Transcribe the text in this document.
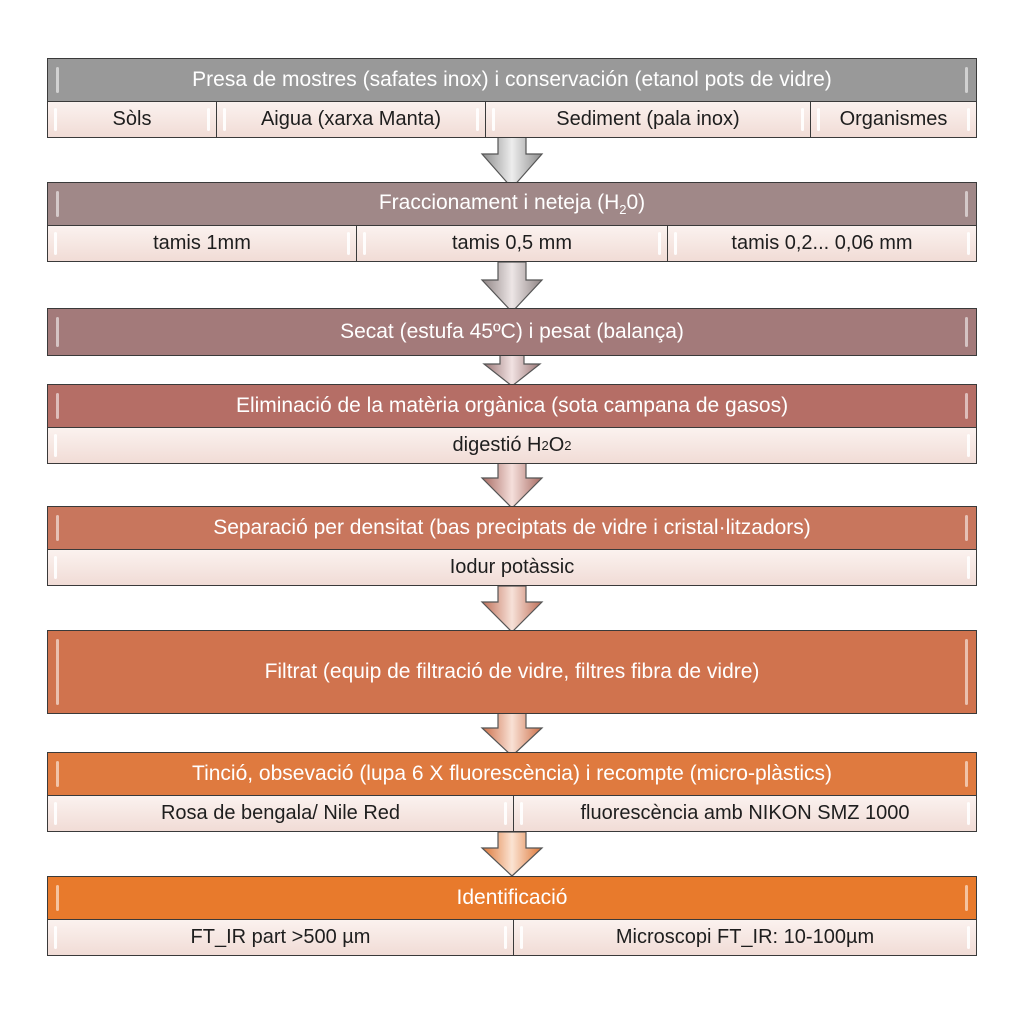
Presa de mostres (safates inox) i conservación (etanol pots de vidre)
Sòls	Aigua (xarxa Manta)	Sediment (pala inox)	Organismes
Fraccionament i neteja $(H_20)$
tamis 1mm	tamis 0,5 mm	tamis 0,2... 0,06 mm
Secat (estufa 45ºC) i pesat (balança)
Eliminació de la matèria orgànica (sota campana de gasos)
digestió H 2 O 2
Separació per densitat (bas preciptats de vidre i cristal·litzadors)
Iodur potàssic
Filtrat (equip de filtració de vidre, filtres fibra de vidre)
Tinció, obsevació (lupa 6 X fluorescència) i recompte (micro-plàstics)
Rosa de bengala/ Nile Red	fluorescència amb NIKON SMZ 1000
Identificació
FT_IR part >500 µm	Microscopi FT_IR: 10-100µm
